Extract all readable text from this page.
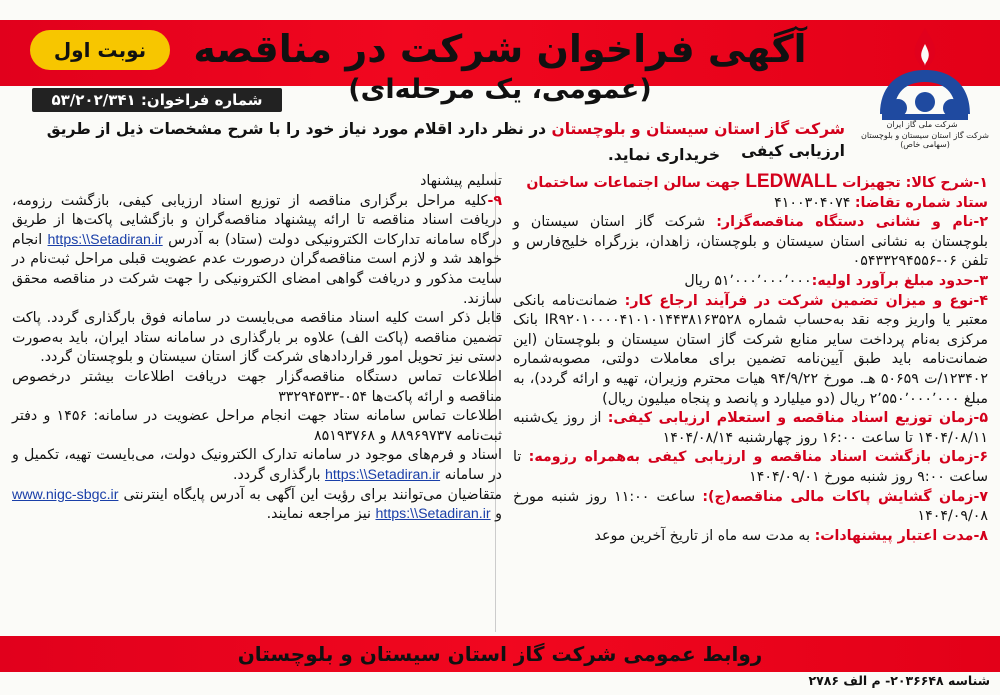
آگهی فراخوان شرکت در مناقصه
(عمومی، یک مرحله‌ای)
نوبت اول
شماره فراخوان: ۵۳/۲۰۲/۳۴۱
شرکت ملی گاز ایران
شرکت گاز استان سیستان و بلوچستان (سهامی خاص)
شرکت گاز استان سیستان و بلوچستان در نظر دارد اقلام مورد نیاز خود را با شرح مشخصات ذیل از طریق ارزیابی کیفی
خریداری نماید.

۱-شرح کالا: تجهیزات LEDWALL جهت سالن اجتماعات ساختمان

ستاد شماره تقاضا: ۴۱۰۰۳۰۴۰۷۴

۲-نام و نشانی دستگاه مناقصه‌گزار: شرکت گاز استان سیستان و بلوچستان به نشانی استان سیستان و بلوچستان، زاهدان، بزرگراه خلیج‌فارس و تلفن ۰۶-۰۵۴۳۳۲۹۴۵۵۶

۳-حدود مبلغ برآورد اولیه:۵۱٬۰۰۰٬۰۰۰٬۰۰۰ ریال

۴-نوع و میزان تضمین شرکت در فرآیند ارجاع کار: ضمانت‌نامه بانکی معتبر یا واریز وجه نقد به‌حساب شماره IR۹۲۰۱۰۰۰۰۴۱۰۱۰۱۴۴۳۸۱۶۳۵۲۸ بانک مرکزی به‌نام پرداخت سایر منابع شرکت گاز استان سیستان و بلوچستان (این ضمانت‌نامه باید طبق آیین‌نامه تضمین برای معاملات دولتی، مصوبه‌شماره ۱۲۳۴۰۲/ت ۵۰۶۵۹ هـ. مورخ ۹۴/۹/۲۲ هیات محترم وزیران، تهیه و ارائه گردد)، به مبلغ ۲٬۵۵۰٬۰۰۰٬۰۰۰ ریال (دو میلیارد و پانصد و پنجاه میلیون ریال)

۵-زمان توزیع اسناد مناقصه و استعلام ارزیابی کیفی: از روز یک‌شنبه ۱۴۰۴/۰۸/۱۱ تا ساعت ۱۶:۰۰ روز چهارشنبه ۱۴۰۴/۰۸/۱۴

۶-زمان بازگشت اسناد مناقصه و ارزیابی کیفی به‌همراه رزومه: تا ساعت ۹:۰۰ روز شنبه مورخ ۱۴۰۴/۰۹/۰۱

۷-زمان گشایش پاکات مالی مناقصه(ج): ساعت ۱۱:۰۰ روز شنبه مورخ ۱۴۰۴/۰۹/۰۸

۸-مدت اعتبار پیشنهادات: به مدت سه ماه از تاریخ آخرین موعد

تسلیم پیشنهاد

۹-کلیه مراحل برگزاری مناقصه از توزیع اسناد ارزیابی کیفی، بازگشت رزومه، دریافت اسناد مناقصه تا ارائه پیشنهاد مناقصه‌گران و بازگشایی پاکت‌ها از طریق درگاه سامانه تدارکات الکترونیکی دولت (ستاد) به آدرس https:\\Setadiran.ir انجام خواهد شد و لازم است مناقصه‌گران درصورت عدم عضویت قبلی مراحل ثبت‌نام در سایت مذکور و دریافت گواهی امضای الکترونیکی را جهت شرکت در مناقصه محقق سازند.

قابل ذکر است کلیه اسناد مناقصه می‌بایست در سامانه فوق بارگذاری گردد. پاکت تضمین مناقصه (پاکت الف) علاوه بر بارگذاری در سامانه ستاد ایران، باید به‌صورت دستی نیز تحویل امور قراردادهای شرکت گاز استان سیستان و بلوچستان گردد.

اطلاعات تماس دستگاه مناقصه‌گزار جهت دریافت اطلاعات بیشتر درخصوص مناقصه و ارائه پاکت‌ها ۰۵۴-۳۳۲۹۴۵۳۳

اطلاعات تماس سامانه ستاد جهت انجام مراحل عضویت در سامانه: ۱۴۵۶ و دفتر ثبت‌نامه ۸۸۹۶۹۷۳۷ و ۸۵۱۹۳۷۶۸

اسناد و فرم‌های موجود در سامانه تدارک الکترونیک دولت، می‌بایست تهیه، تکمیل و در سامانه https:\\Setadiran.ir بارگذاری گردد.

متقاضیان می‌توانند برای رؤیت این آگهی به آدرس پایگاه اینترنتی www.nigc-sbgc.ir و https:\\Setadiran.ir نیز مراجعه نمایند.

روابط عمومی شرکت گاز استان سیستان و بلوچستان
شناسه ۲۰۳۶۶۴۸- م الف ۲۷۸۶
